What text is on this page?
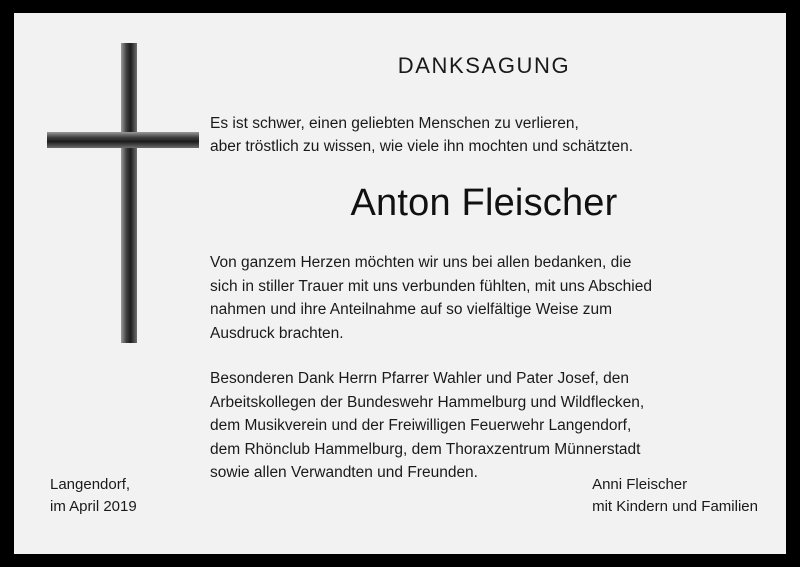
DANKSAGUNG
Es ist schwer, einen geliebten Menschen zu verlieren,
aber tröstlich zu wissen, wie viele ihn mochten und schätzten.
Anton Fleischer
Von ganzem Herzen möchten wir uns bei allen bedanken, die
sich in stiller Trauer mit uns verbunden fühlten, mit uns Abschied
nahmen und ihre Anteilnahme auf so vielfältige Weise zum
Ausdruck brachten.
Besonderen Dank Herrn Pfarrer Wahler und Pater Josef, den
Arbeitskollegen der Bundeswehr Hammelburg und Wildflecken,
dem Musikverein und der Freiwilligen Feuerwehr Langendorf,
dem Rhönclub Hammelburg, dem Thoraxzentrum Münnerstadt
sowie allen Verwandten und Freunden.
Langendorf,
im April 2019
Anni Fleischer
mit Kindern und Familien
